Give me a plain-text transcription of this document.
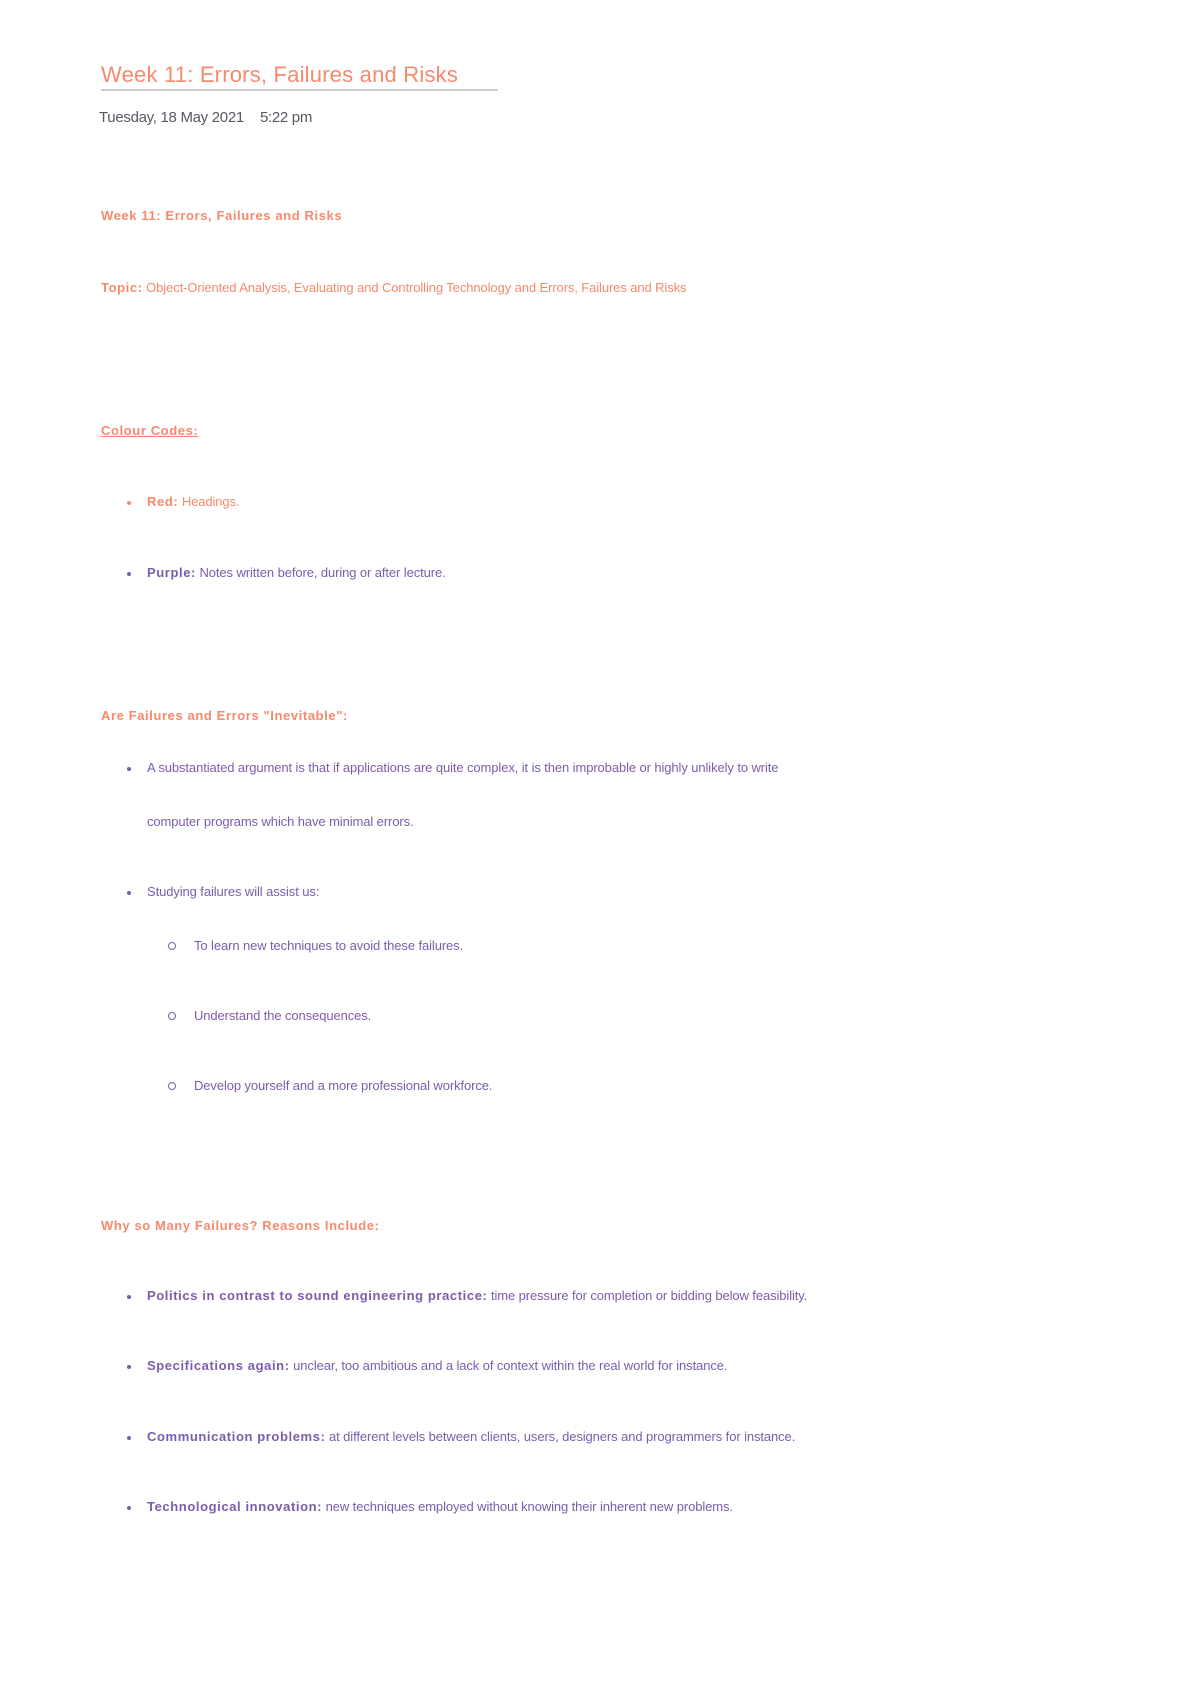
Week 11: Errors, Failures and Risks
Tuesday, 18 May 2021 5:22 pm
Week 11: Errors, Failures and Risks
Topic: Object-Oriented Analysis, Evaluating and Controlling Technology and Errors, Failures and Risks
Colour Codes:
Red: Headings.
Purple: Notes written before, during or after lecture.
Are Failures and Errors "Inevitable":
A substantiated argument is that if applications are quite complex, it is then improbable or highly unlikely to write
computer programs which have minimal errors.
Studying failures will assist us:
To learn new techniques to avoid these failures.
Understand the consequences.
Develop yourself and a more professional workforce.
Why so Many Failures? Reasons Include:
Politics in contrast to sound engineering practice: time pressure for completion or bidding below feasibility.
Specifications again: unclear, too ambitious and a lack of context within the real world for instance.
Communication problems: at different levels between clients, users, designers and programmers for instance.
Technological innovation: new techniques employed without knowing their inherent new problems.
